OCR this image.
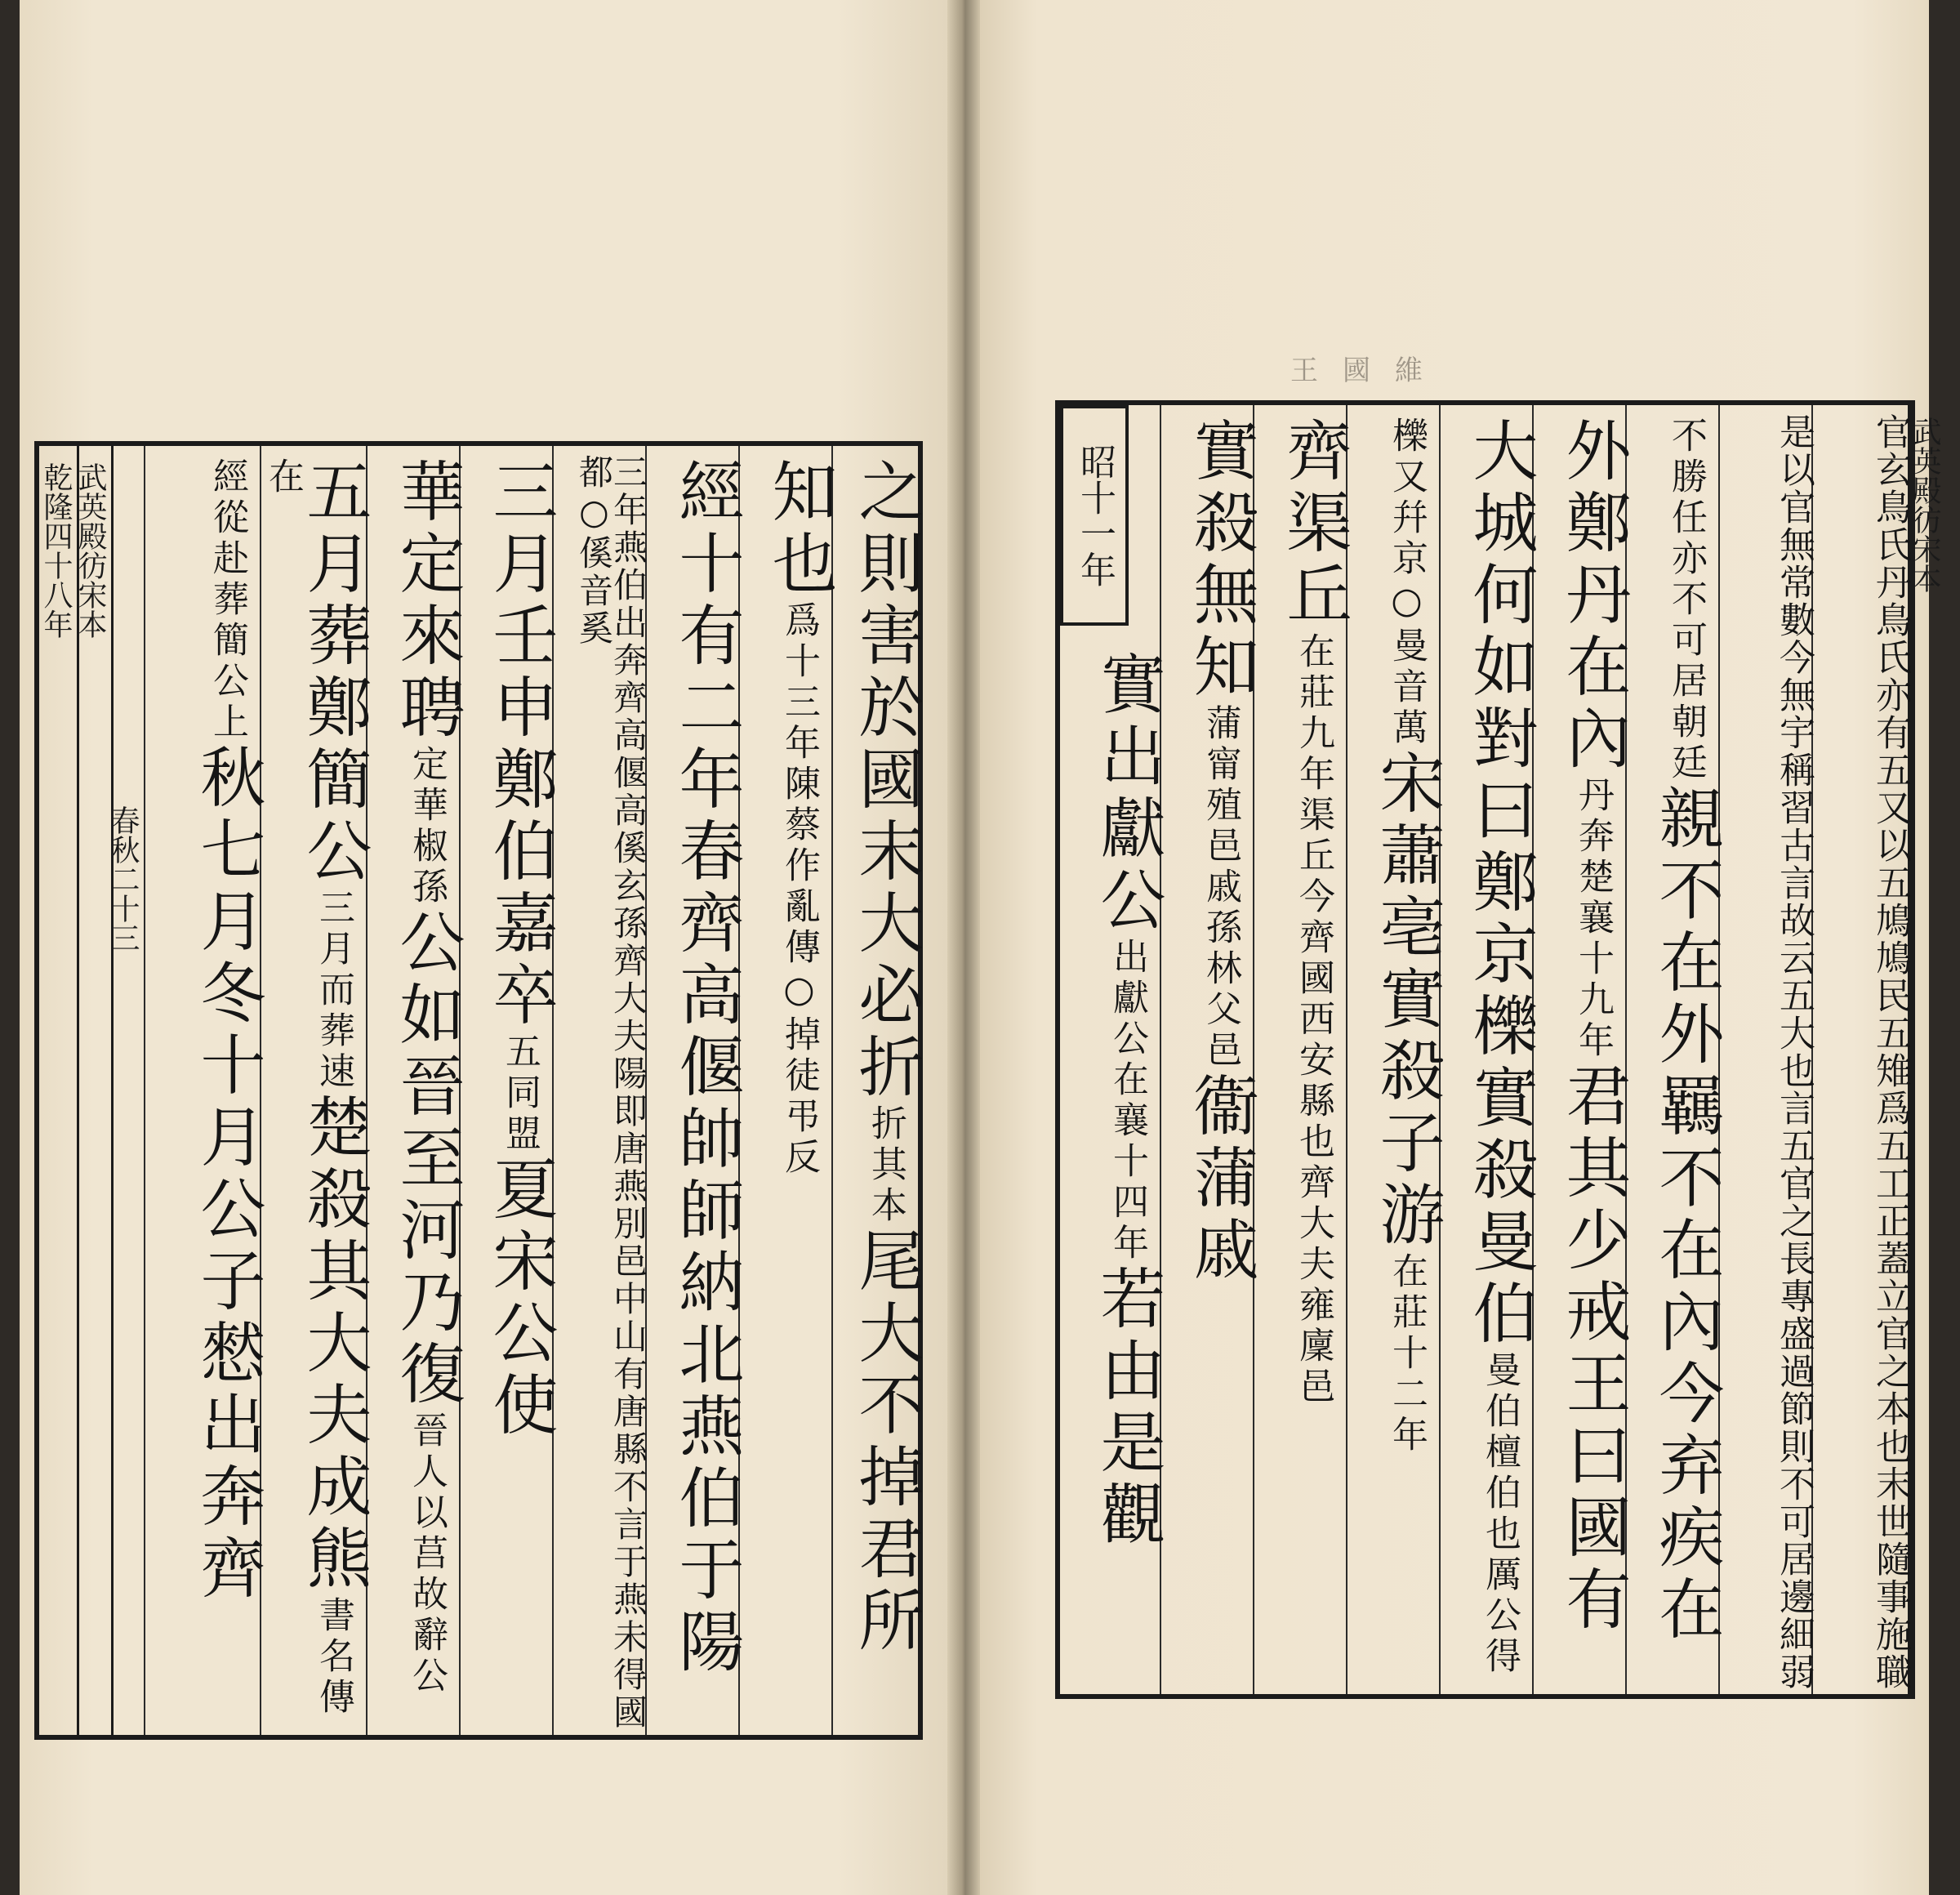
乾隆四十八年 武英殿彷宋本
春秋二十三	之則害於國末大必折折其本尾大不掉君所
知也爲十三年陳蔡作亂傳○掉徒弔反
經十有二年春齊高偃帥師納北燕伯于陽
三年燕伯出奔齊高偃高傒玄孫齊大夫陽即唐燕別邑中山有唐縣不言于燕未得國都○傒音奚
三月壬申鄭伯嘉卒五同盟夏宋公使
華定來聘定華椒孫公如晉至河乃復晉人以莒故辭公
五月葬鄭簡公三月而葬速楚殺其大夫成熊書名傳在
經從赴葬簡公上秋七月冬十月公子憖出奔齊
王國維
昭十一年	官玄鳥氏丹鳥氏亦有五又以五鳩鳩民五雉爲五工正蓋立官之本也末世隨事施職
是以官無常數今無宇稱習古言故云五大也言五官之長專盛過節則不可居邊細弱
不勝任亦不可居朝廷親不在外羈不在內今弃疾在
外鄭丹在內丹奔楚襄十九年君其少戒王曰國有
大城何如對曰鄭京櫟實殺曼伯曼伯檀伯也厲公得
櫟又幷京○曼音萬宋蕭亳實殺子游在莊十二年
齊渠丘在莊九年渠丘今齊國西安縣也齊大夫雍廩邑
實殺無知蒲甯殖邑戚孫林父邑衞蒲戚
實出獻公出獻公在襄十四年若由是觀
武英殿彷宋本
